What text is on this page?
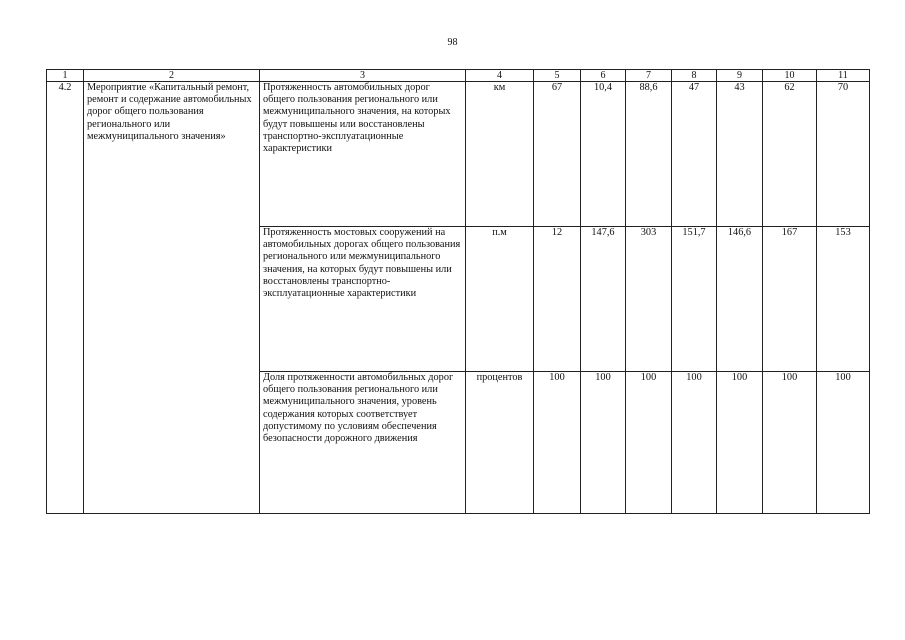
98
1	2	3	4	5	6	7	8	9	10	11
4.2	Мероприятие «Капитальный ремонт, ремонт и содержание автомобильных дорог общего пользования регионального или межмуниципального значения»	Протяженность автомобильных дорог общего пользования регионального или межмуниципального значения, на которых будут повышены или восстановлены транспортно-эксплуатационные характеристики	км	67	10,4	88,6	47	43	62	70
		Протяженность мостовых сооружений на автомобильных дорогах общего пользования регионального или межмуниципального значения, на которых будут повышены или восстановлены транспортно-эксплуатационные характеристики	п.м	12	147,6	303	151,7	146,6	167	153
		Доля протяженности автомобильных дорог общего пользования регионального или межмуниципального значения, уровень содержания которых соответствует допустимому по условиям обеспечения безопасности дорожного движения	процентов	100	100	100	100	100	100	100
